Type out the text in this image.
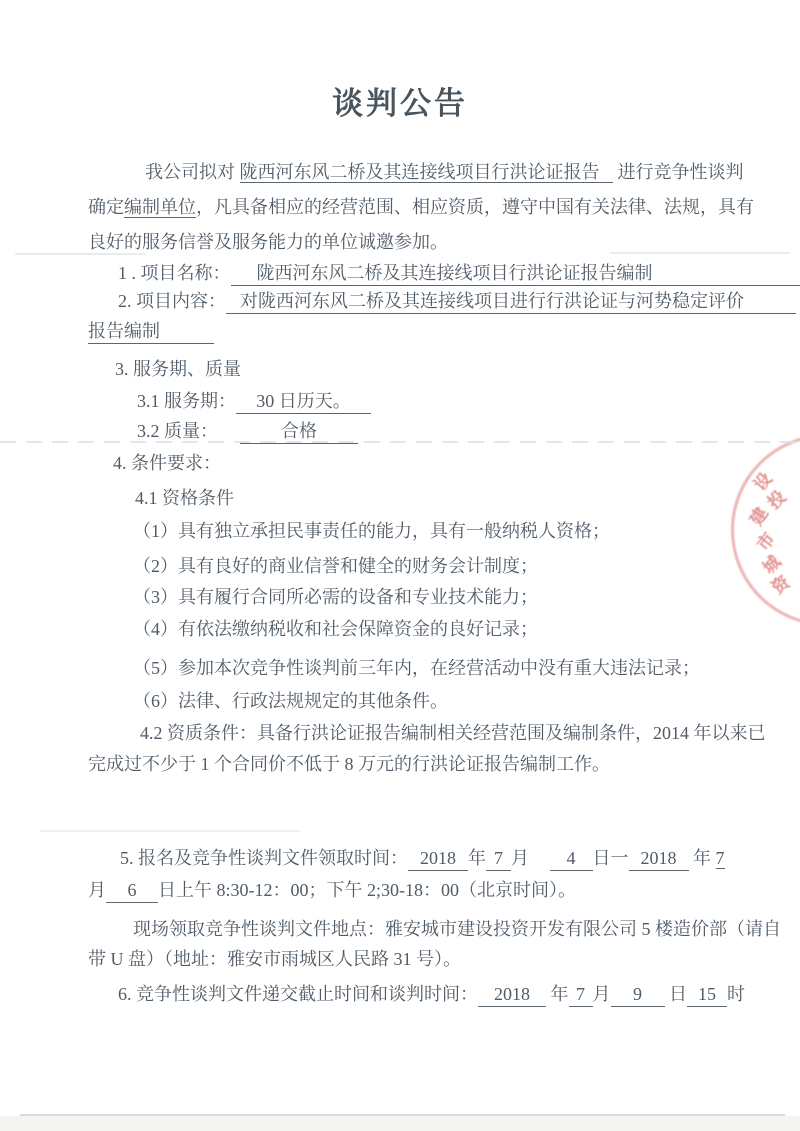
谈判公告
我公司拟对 陇西河东风二桥及其连接线项目行洪论证报告    进行竞争性谈判
确定编制单位，凡具备相应的经营范围、相应资质，遵守中国有关法律、法规，具有
良好的服务信誉及服务能力的单位诚邀参加。
1 . 项目名称： 陇西河东风二桥及其连接线项目行洪论证报告编制
2. 项目内容： 对陇西河东风二桥及其连接线项目进行行洪论证与河势稳定评价
报告编制
3. 服务期、质量
3.1 服务期： 30 日历天。
3.2 质量：	合格
4. 条件要求：
4.1 资格条件
（1）具有独立承担民事责任的能力，具有一般纳税人资格；
（2）具有良好的商业信誉和健全的财务会计制度；
（3）具有履行合同所必需的设备和专业技术能力；
（4）有依法缴纳税收和社会保障资金的良好记录；
（5）参加本次竞争性谈判前三年内，在经营活动中没有重大违法记录；
（6）法律、行政法规规定的其他条件。
4.2 资质条件：具备行洪论证报告编制相关经营范围及编制条件，2014 年以来已
完成过不少于 1 个合同价不低于 8 万元的行洪论证报告编制工作。
5. 报名及竞争性谈判文件领取时间： 2018 年 7 月 4 日一 2018 年 7
月 6 日上午 8:30-12：00；下午 2;30-18：00（北京时间）。
现场领取竞争性谈判文件地点：雅安城市建设投资开发有限公司 5 楼造价部（请自
带 U 盘）（地址：雅安市雨城区人民路 31 号）。
6. 竞争性谈判文件递交截止时间和谈判时间： 2018 年 7 月 9 日 15 时
设
投
建
市
城
资
